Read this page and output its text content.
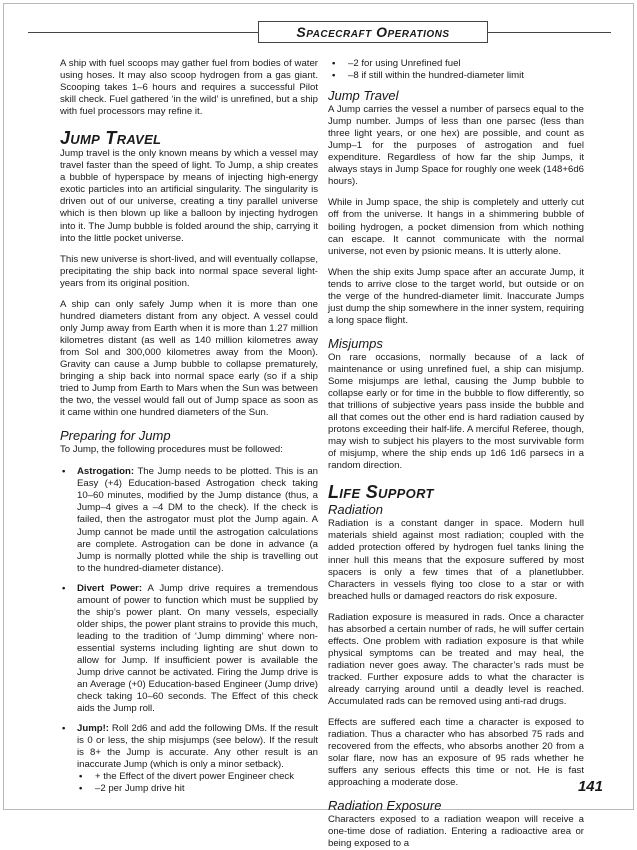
Spacecraft Operations

A ship with fuel scoops may gather fuel from bodies of water using hoses. It may also scoop hydrogen from a gas giant. Scooping takes 1–6 hours and requires a successful Pilot skill check. Fuel gathered ‘in the wild’ is unrefined, but a ship with fuel processors may refine it.

Jump Travel

Jump travel is the only known means by which a vessel may travel faster than the speed of light. To Jump, a ship creates a bubble of hyperspace by means of injecting high-energy exotic particles into an artificial singularity. The singularity is driven out of our universe, creating a tiny parallel universe which is then blown up like a balloon by injecting hydrogen into it. The Jump bubble is folded around the ship, carrying it into the little pocket universe.

This new universe is short-lived, and will eventually collapse, precipitating the ship back into normal space several light-years from its original position.

A ship can only safely Jump when it is more than one hundred diameters distant from any object. A vessel could only Jump away from Earth when it is more than 1.27 million kilometres distant (as well as 140 million kilometres away from Sol and 300,000 kilometres away from the Moon). Gravity can cause a Jump bubble to collapse prematurely, bringing a ship back into normal space early (so if a ship tried to Jump from Earth to Mars when the Sun was between the two, the vessel would fall out of Jump space as soon as it came within one hundred diameters of the Sun.

Preparing for Jump

To Jump, the following procedures must be followed:

• Astrogation: The Jump needs to be plotted. This is an Easy (+4) Education-based Astrogation check taking 10–60 minutes, modified by the Jump distance (thus, a Jump–4 gives a –4 DM to the check). If the check is failed, then the astrogator must plot the Jump again. A Jump cannot be made until the astrogation calculations are complete. Astrogation can be done in advance (a Jump is normally plotted while the ship is travelling out to the hundred-diameter distance).
• Divert Power: A Jump drive requires a tremendous amount of power to function which must be supplied by the ship’s power plant. On many vessels, especially older ships, the power plant strains to provide this much, leading to the tradition of ‘Jump dimming’ where non-essential systems including lighting are shut down to allow for Jump. If insufficient power is available the Jump drive cannot be activated. Firing the Jump drive is an Average (+0) Education-based Engineer (Jump drive) check taking 10–60 seconds. The Effect of this check aids the Jump roll.
• Jump!: Roll 2d6 and add the following DMs. If the result is 0 or less, the ship misjumps (see below). If the result is 8+ the Jump is accurate. Any other result is an inaccurate Jump (which is only a minor setback).
• + the Effect of the divert power Engineer check
• –2 per Jump drive hit
• –2 for using Unrefined fuel
• –8 if still within the hundred-diameter limit
Jump Travel

A Jump carries the vessel a number of parsecs equal to the Jump number. Jumps of less than one parsec (less than three light years, or one hex) are possible, and count as Jump–1 for the purposes of astrogation and fuel expenditure. Regardless of how far the ship Jumps, it always stays in Jump Space for roughly one week (148+6d6 hours).

While in Jump space, the ship is completely and utterly cut off from the universe. It hangs in a shimmering bubble of boiling hydrogen, a pocket dimension from which nothing can escape. It cannot communicate with the normal universe, not even by psionic means. It is utterly alone.

When the ship exits Jump space after an accurate Jump, it tends to arrive close to the target world, but outside or on the verge of the hundred-diameter limit. Inaccurate Jumps just dump the ship somewhere in the inner system, requiring a long space flight.

Misjumps

On rare occasions, normally because of a lack of maintenance or using unrefined fuel, a ship can misjump. Some misjumps are lethal, causing the Jump bubble to collapse early or for time in the bubble to flow differently, so that trillions of subjective years pass inside the bubble and all that comes out the other end is hard radiation caused by protons exceeding their half-life. A merciful Referee, though, may wish to subject his players to the most survivable form of misjump, where the ship ends up 1d6 1d6 parsecs in a random direction.

Life Support
Radiation

Radiation is a constant danger in space. Modern hull materials shield against most radiation; coupled with the added protection offered by hydrogen fuel tanks lining the inner hull this means that the exposure suffered by most spacers is only a few times that of a planetlubber. Characters in vessels flying too close to a star or with breached hulls or damaged reactors do risk exposure.

Radiation exposure is measured in rads. Once a character has absorbed a certain number of rads, he will suffer certain effects. One problem with radiation exposure is that while physical symptoms can be treated and may heal, the radiation never goes away. The character’s rads must be tracked. Further exposure adds to what the character is already carrying around until a deadly level is reached. Accumulated rads can be removed using anti-rad drugs.

Effects are suffered each time a character is exposed to radiation. Thus a character who has absorbed 75 rads and recovered from the effects, who absorbs another 20 from a solar flare, now has an exposure of 95 rads whether he suffers any serious effects this time or not. He is fast approaching a moderate dose.

Radiation Exposure

Characters exposed to a radiation weapon will receive a one-time dose of radiation. Entering a radioactive area or being exposed to a

141
